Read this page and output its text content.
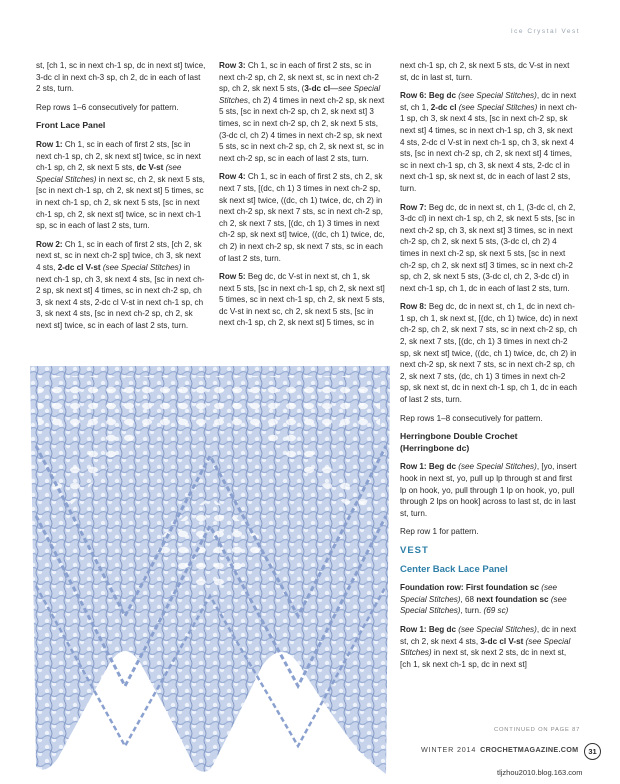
Ice Crystal Vest

st, [ch 1, sc in next ch-1 sp, dc in next st] twice, 3-dc cl in next ch-3 sp, ch 2, dc in each of last 2 sts, turn.

Rep rows 1–6 consecutively for pattern.

Front Lace Panel

Row 1: Ch 1, sc in each of first 2 sts, [sc in next ch-1 sp, ch 2, sk next st] twice, sc in next ch-1 sp, ch 2, sk next 5 sts, dc V-st (see Special Stitches) in next sc, ch 2, sk next 5 sts, [sc in next ch-1 sp, ch 2, sk next st] 5 times, sc in next ch-1 sp, ch 2, sk next 5 sts, [sc in next ch-1 sp, ch 2, sk next st] twice, sc in next ch-1 sp, sc in each of last 2 sts, turn.

Row 2: Ch 1, sc in each of first 2 sts, [ch 2, sk next st, sc in next ch-2 sp] twice, ch 3, sk next 4 sts, 2-dc cl V-st (see Special Stitches) in next ch-1 sp, ch 3, sk next 4 sts, [sc in next ch-2 sp, sk next st] 4 times, sc in next ch-2 sp, ch 3, sk next 4 sts, 2-dc cl V-st in next ch-1 sp, ch 3, sk next 4 sts, [sc in next ch-2 sp, ch 2, sk next st] twice, sc in each of last 2 sts, turn.

Row 3: Ch 1, sc in each of first 2 sts, sc in next ch-2 sp, ch 2, sk next st, sc in next ch-2 sp, ch 2, sk next 5 sts, (3-dc cl—see Special Stitches, ch 2) 4 times in next ch-2 sp, sk next 5 sts, [sc in next ch-2 sp, ch 2, sk next st] 3 times, sc in next ch-2 sp, ch 2, sk next 5 sts, (3-dc cl, ch 2) 4 times in next ch-2 sp, sk next 5 sts, sc in next ch-2 sp, ch 2, sk next st, sc in next ch-2 sp, sc in each of last 2 sts, turn.

Row 4: Ch 1, sc in each of first 2 sts, ch 2, sk next 7 sts, [(dc, ch 1) 3 times in next ch-2 sp, sk next st] twice, ((dc, ch 1) twice, dc, ch 2) in next ch-2 sp, sk next 7 sts, sc in next ch-2 sp, ch 2, sk next 7 sts, [(dc, ch 1) 3 times in next ch-2 sp, sk next st] twice, ((dc, ch 1) twice, dc, ch 2) in next ch-2 sp, sk next 7 sts, sc in each of last 2 sts, turn.

Row 5: Beg dc, dc V-st in next st, ch 1, sk next 5 sts, [sc in next ch-1 sp, ch 2, sk next st] 5 times, sc in next ch-1 sp, ch 2, sk next 5 sts, dc V-st in next sc, ch 2, sk next 5 sts, [sc in next ch-1 sp, ch 2, sk next st] 5 times, sc in

next ch-1 sp, ch 2, sk next 5 sts, dc V-st in next st, dc in last st, turn.

Row 6: Beg dc (see Special Stitches), dc in next st, ch 1, 2-dc cl (see Special Stitches) in next ch-1 sp, ch 3, sk next 4 sts, [sc in next ch-2 sp, sk next st] 4 times, sc in next ch-1 sp, ch 3, sk next 4 sts, 2-dc cl V-st in next ch-1 sp, ch 3, sk next 4 sts, [sc in next ch-2 sp, ch 2, sk next st] 4 times, sc in next ch-1 sp, ch 3, sk next 4 sts, 2-dc cl in next ch-1 sp, sk next st, dc in each of last 2 sts, turn.

Row 7: Beg dc, dc in next st, ch 1, (3-dc cl, ch 2, 3-dc cl) in next ch-1 sp, ch 2, sk next 5 sts, [sc in next ch-2 sp, ch 3, sk next st] 3 times, sc in next ch-2 sp, ch 2, sk next 5 sts, (3-dc cl, ch 2) 4 times in next ch-2 sp, sk next 5 sts, [sc in next ch-2 sp, ch 2, sk next st] 3 times, sc in next ch-2 sp, ch 2, sk next 5 sts, (3-dc cl, ch 2, 3-dc cl) in next ch-1 sp, ch 1, dc in each of last 2 sts, turn.

Row 8: Beg dc, dc in next st, ch 1, dc in next ch-1 sp, ch 1, sk next st, [(dc, ch 1) twice, dc) in next ch-2 sp, ch 2, sk next 7 sts, sc in next ch-2 sp, ch 2, sk next 7 sts, [(dc, ch 1) 3 times in next ch-2 sp, sk next st] twice, ((dc, ch 1) twice, dc, ch 2) in next ch-2 sp, sk next 7 sts, sc in next ch-2 sp, ch 2, sk next 7 sts, (dc, ch 1) 3 times in next ch-2 sp, sk next st, dc in next ch-1 sp, ch 1, dc in each of last 2 sts, turn.

Rep rows 1–8 consecutively for pattern.

Herringbone Double Crochet
(Herringbone dc)

Row 1: Beg dc (see Special Stitches), [yo, insert hook in next st, yo, pull up lp through st and first lp on hook, yo, pull through 1 lp on hook, yo, pull through 2 lps on hook] across to last st, dc in last st, turn.

Rep row 1 for pattern.

VEST

Center Back Lace Panel

Foundation row: First foundation sc (see Special Stitches), 68 next foundation sc (see Special Stitches), turn. (69 sc)

Row 1: Beg dc (see Special Stitches), dc in next st, ch 2, sk next 4 sts, 3-dc cl V-st (see Special Stitches) in next st, sk next 2 sts, dc in next st, [ch 1, sk next ch-1 sp, dc in next st]

CONTINUED ON PAGE 87
WINTER 2014 CROCHETMAGAZINE.COM	31
tljzhou2010.blog.163.com
